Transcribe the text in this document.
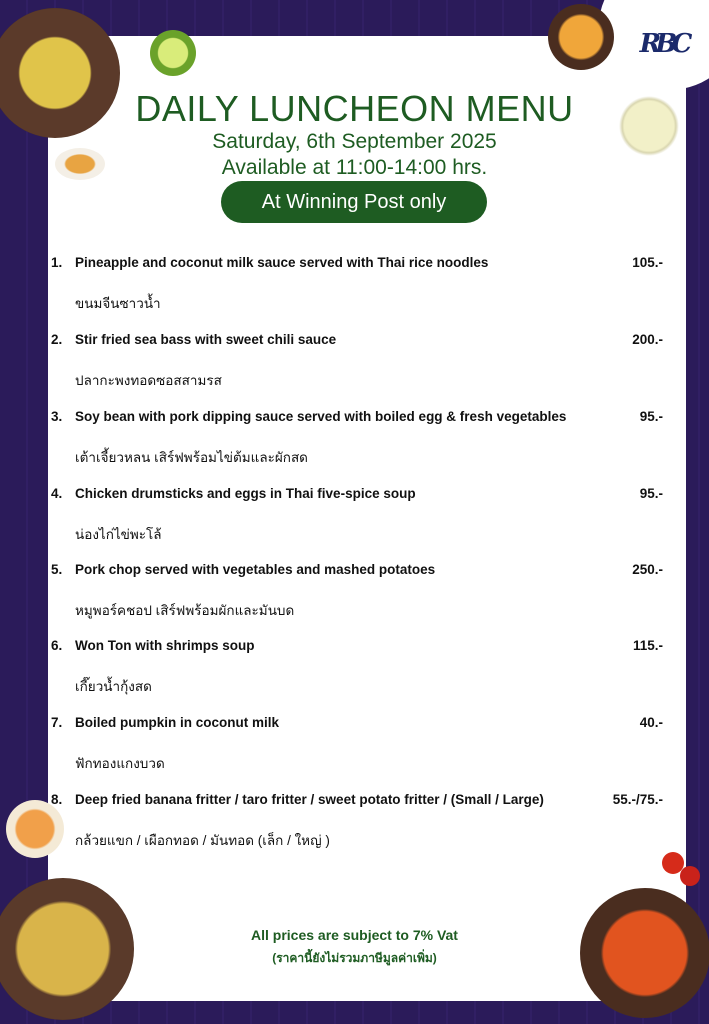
RBC
DAILY LUNCHEON MENU
Saturday, 6th September 2025
Available at 11:00-14:00 hrs.
At Winning Post only
1. Pineapple and coconut milk sauce served with Thai rice noodles	105.-
ขนมจีนซาวน้ำ
2. Stir fried sea bass with sweet chili sauce	200.-
ปลากะพงทอดซอสสามรส
3. Soy bean with pork dipping sauce served with boiled egg & fresh vegetables	95.-
เต้าเจี้ยวหลน เสิร์ฟพร้อมไข่ต้มและผักสด
4. Chicken drumsticks and eggs in Thai five-spice soup	95.-
น่องไก่ไข่พะโล้
5. Pork chop served with vegetables and mashed potatoes	250.-
หมูพอร์คชอป เสิร์ฟพร้อมผักและมันบด
6. Won Ton with shrimps soup	115.-
เกี๊ยวน้ำกุ้งสด
7. Boiled pumpkin in coconut milk	40.-
ฟักทองแกงบวด
8. Deep fried banana fritter / taro fritter / sweet potato fritter / (Small / Large)	55.-/75.-
กล้วยแขก / เผือกทอด / มันทอด (เล็ก / ใหญ่ )
All prices are subject to 7% Vat
(ราคานี้ยังไม่รวมภาษีมูลค่าเพิ่ม)
